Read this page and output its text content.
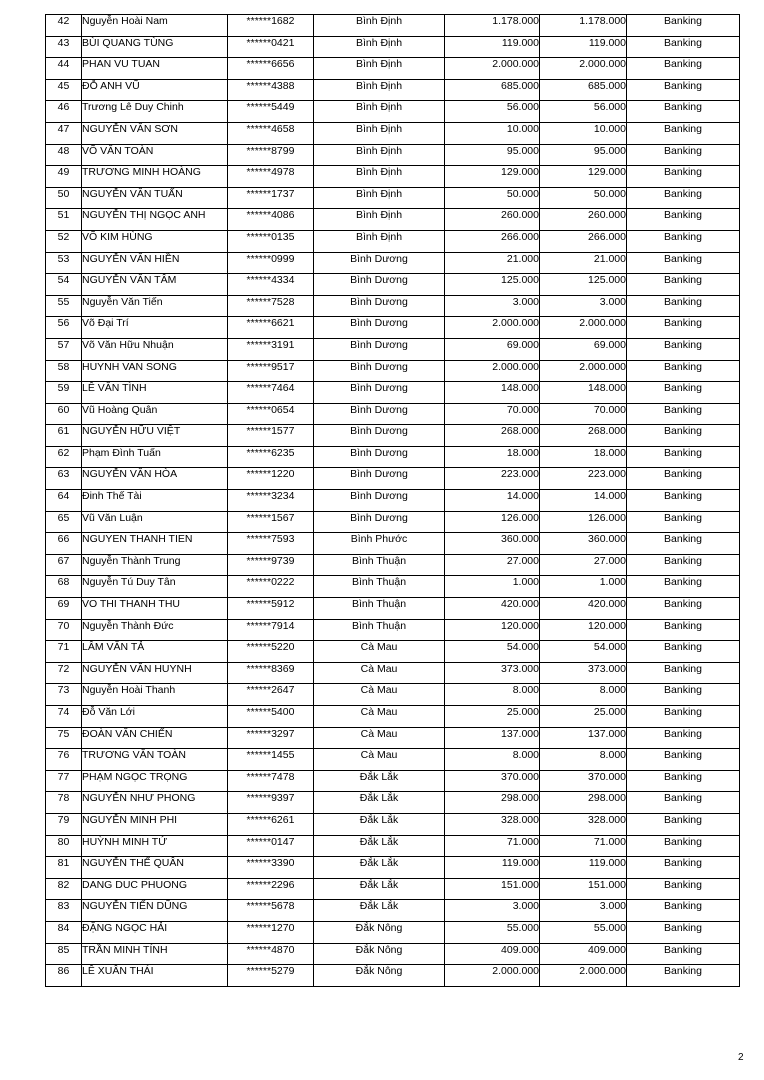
42	Nguyễn Hoài Nam	******1682	Bình Định	1.178.000	1.178.000	Banking
43	BÙI QUANG TÙNG	******0421	Bình Định	119.000	119.000	Banking
44	PHAN VU TUAN	******6656	Bình Định	2.000.000	2.000.000	Banking
45	ĐỖ ANH VŨ	******4388	Bình Định	685.000	685.000	Banking
46	Trương Lê Duy Chinh	******5449	Bình Định	56.000	56.000	Banking
47	NGUYỄN VĂN SƠN	******4658	Bình Định	10.000	10.000	Banking
48	VÕ VĂN TOÀN	******8799	Bình Định	95.000	95.000	Banking
49	TRƯƠNG MINH HOÀNG	******4978	Bình Định	129.000	129.000	Banking
50	NGUYỄN VĂN TUẤN	******1737	Bình Định	50.000	50.000	Banking
51	NGUYỄN THỊ NGỌC ANH	******4086	Bình Định	260.000	260.000	Banking
52	VÕ KIM HÙNG	******0135	Bình Định	266.000	266.000	Banking
53	NGUYỄN VĂN HIỀN	******0999	Bình Dương	21.000	21.000	Banking
54	NGUYỄN VĂN TÂM	******4334	Bình Dương	125.000	125.000	Banking
55	Nguyễn Văn Tiến	******7528	Bình Dương	3.000	3.000	Banking
56	Võ Đại Trí	******6621	Bình Dương	2.000.000	2.000.000	Banking
57	Võ Văn Hữu Nhuận	******3191	Bình Dương	69.000	69.000	Banking
58	HUYNH VAN SONG	******9517	Bình Dương	2.000.000	2.000.000	Banking
59	LÊ VĂN TÌNH	******7464	Bình Dương	148.000	148.000	Banking
60	Vũ Hoàng Quân	******0654	Bình Dương	70.000	70.000	Banking
61	NGUYỄN HỮU VIỆT	******1577	Bình Dương	268.000	268.000	Banking
62	Phạm Đình Tuấn	******6235	Bình Dương	18.000	18.000	Banking
63	NGUYỄN VĂN HÒA	******1220	Bình Dương	223.000	223.000	Banking
64	Đinh Thế Tài	******3234	Bình Dương	14.000	14.000	Banking
65	Vũ Văn Luận	******1567	Bình Dương	126.000	126.000	Banking
66	NGUYEN THANH TIEN	******7593	Bình Phước	360.000	360.000	Banking
67	Nguyễn Thành Trung	******9739	Bình Thuận	27.000	27.000	Banking
68	Nguyễn Tú Duy Tân	******0222	Bình Thuận	1.000	1.000	Banking
69	VO THI THANH THU	******5912	Bình Thuận	420.000	420.000	Banking
70	Nguyễn Thành Đức	******7914	Bình Thuận	120.000	120.000	Banking
71	LÂM VĂN TẢ	******5220	Cà Mau	54.000	54.000	Banking
72	NGUYỄN VĂN HUYNH	******8369	Cà Mau	373.000	373.000	Banking
73	Nguyễn Hoài Thanh	******2647	Cà Mau	8.000	8.000	Banking
74	Đỗ Văn Lới	******5400	Cà Mau	25.000	25.000	Banking
75	ĐOÀN VĂN CHIẾN	******3297	Cà Mau	137.000	137.000	Banking
76	TRƯƠNG VĂN TOÀN	******1455	Cà Mau	8.000	8.000	Banking
77	PHẠM NGỌC TRỌNG	******7478	Đắk Lắk	370.000	370.000	Banking
78	NGUYỄN NHƯ PHONG	******9397	Đắk Lắk	298.000	298.000	Banking
79	NGUYỄN MINH PHI	******6261	Đắk Lắk	328.000	328.000	Banking
80	HUỲNH MINH TỨ	******0147	Đắk Lắk	71.000	71.000	Banking
81	NGUYỄN THẾ QUÂN	******3390	Đắk Lắk	119.000	119.000	Banking
82	DANG DUC PHUONG	******2296	Đắk Lắk	151.000	151.000	Banking
83	NGUYỄN TIẾN DŨNG	******5678	Đắk Lắk	3.000	3.000	Banking
84	ĐẶNG NGỌC HẢI	******1270	Đắk Nông	55.000	55.000	Banking
85	TRẦN MINH TÍNH	******4870	Đắk Nông	409.000	409.000	Banking
86	LÊ XUÂN THÁI	******5279	Đắk Nông	2.000.000	2.000.000	Banking
2
